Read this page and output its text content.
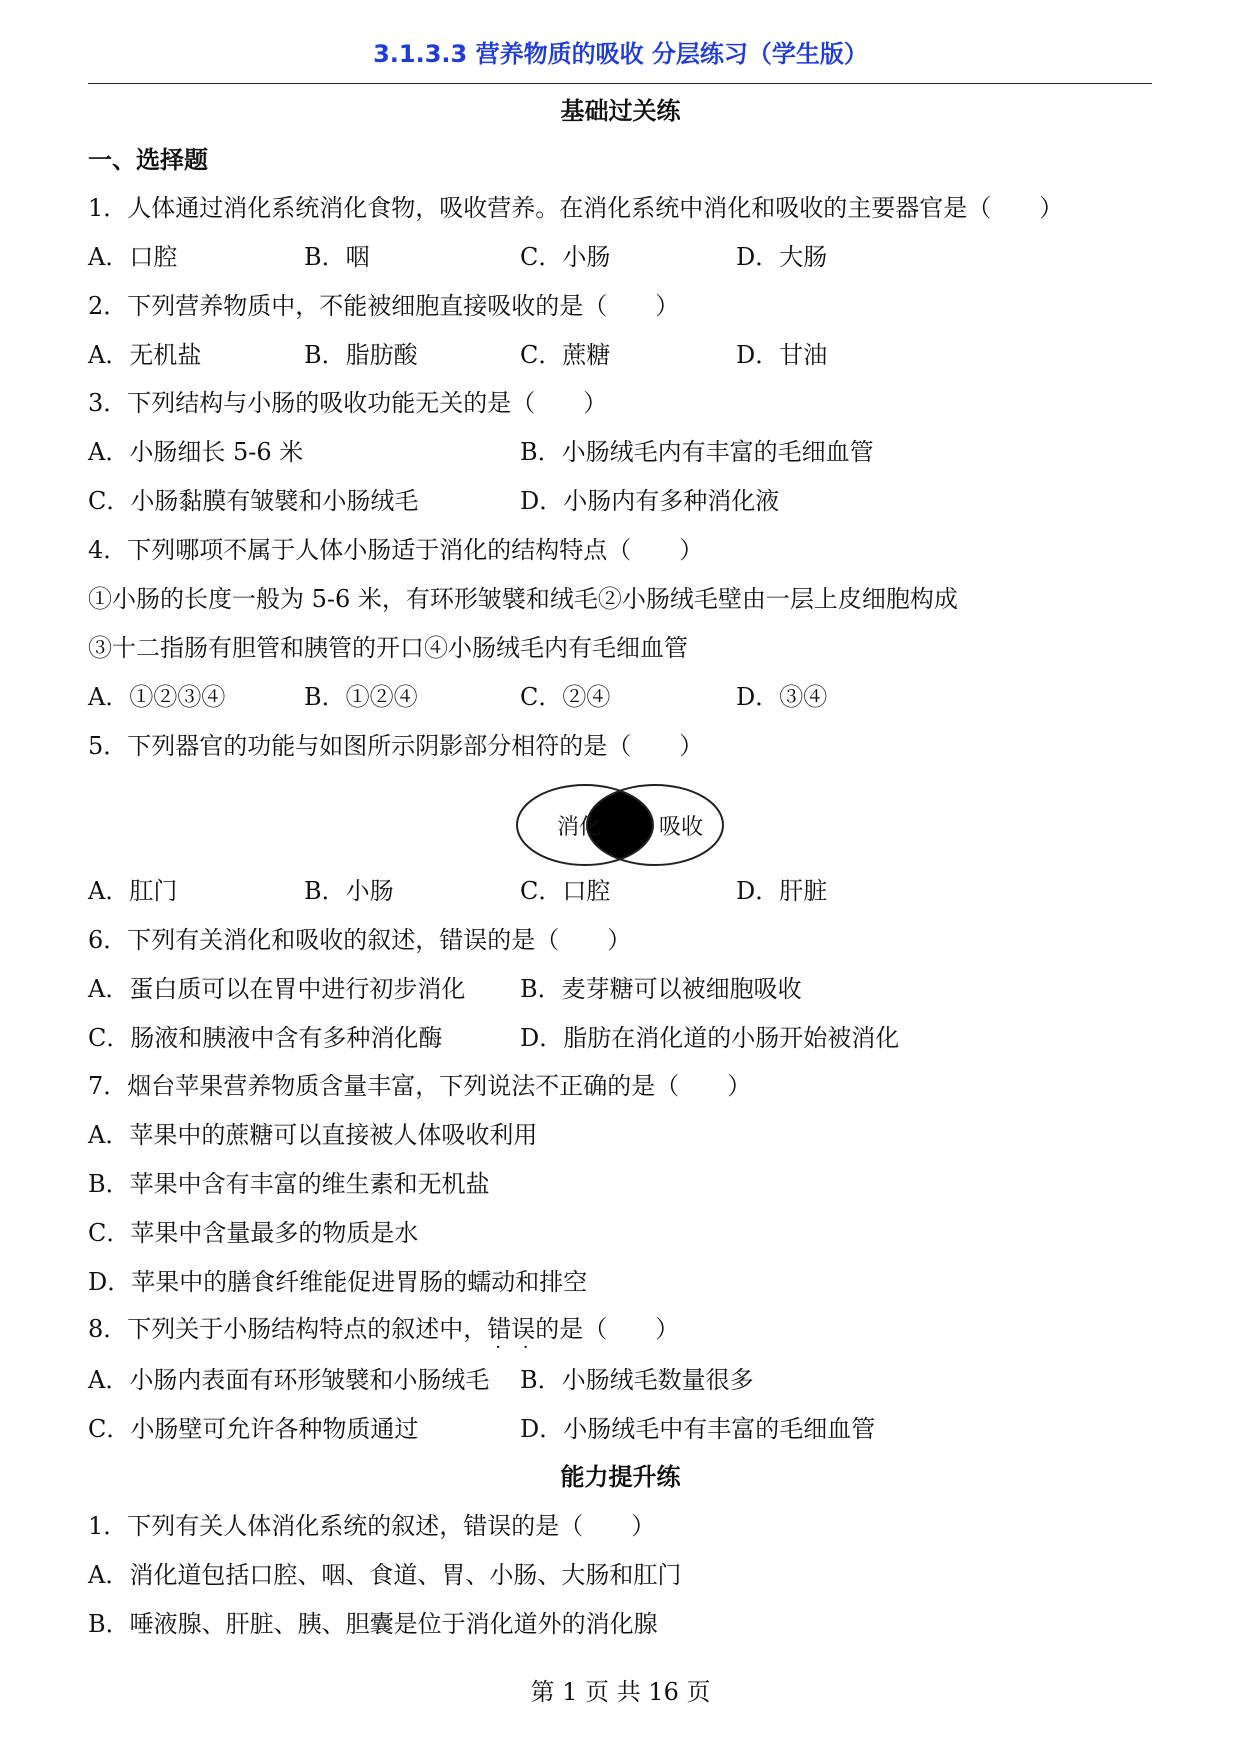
3.1.3.3 营养物质的吸收 分层练习（学生版）
基础过关练
一、选择题
1．人体通过消化系统消化食物，吸收营养。在消化系统中消化和吸收的主要器官是（　　）
A．口腔	B．咽	C．小肠	D．大肠
2．下列营养物质中，不能被细胞直接吸收的是（　　）
A．无机盐	B．脂肪酸	C．蔗糖	D．甘油
3．下列结构与小肠的吸收功能无关的是（　　）
A．小肠细长 5-6 米	B．小肠绒毛内有丰富的毛细血管
C．小肠黏膜有皱襞和小肠绒毛	D．小肠内有多种消化液
4．下列哪项不属于人体小肠适于消化的结构特点（　　）
①小肠的长度一般为 5-6 米，有环形皱襞和绒毛②小肠绒毛壁由一层上皮细胞构成
③十二指肠有胆管和胰管的开口④小肠绒毛内有毛细血管
A．①②③④	B．①②④	C．②④	D．③④
5．下列器官的功能与如图所示阴影部分相符的是（　　）
消化	吸收
A．肛门	B．小肠	C．口腔	D．肝脏
6．下列有关消化和吸收的叙述，错误的是（　　）
A．蛋白质可以在胃中进行初步消化 B．麦芽糖可以被细胞吸收
C．肠液和胰液中含有多种消化酶	D．脂肪在消化道的小肠开始被消化
7．烟台苹果营养物质含量丰富，下列说法不正确的是（　　）
A．苹果中的蔗糖可以直接被人体吸收利用
B．苹果中含有丰富的维生素和无机盐
C．苹果中含量最多的物质是水
D．苹果中的膳食纤维能促进胃肠的蠕动和排空
8．下列关于小肠结构特点的叙述中，错误 · ·的是（　　）
A．小肠内表面有环形皱襞和小肠绒毛 B．小肠绒毛数量很多
C．小肠壁可允许各种物质通过	D．小肠绒毛中有丰富的毛细血管
能力提升练
1．下列有关人体消化系统的叙述，错误的是（　　）
A．消化道包括口腔、咽、食道、胃、小肠、大肠和肛门
B．唾液腺、肝脏、胰、胆囊是位于消化道外的消化腺
第 1 页 共 16 页
